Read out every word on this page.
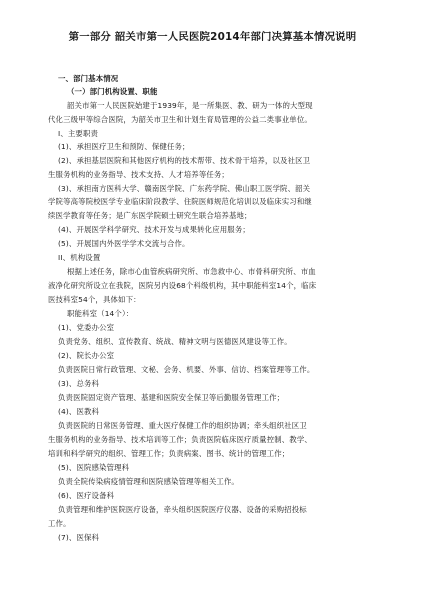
第一部分 韶关市第一人民医院2014年部门决算基本情况说明
一、部门基本情况
（一）部门机构设置、职能
韶关市第一人民医院始建于1939年，是一所集医、教、研为一体的大型现
代化三级甲等综合医院，为韶关市卫生和计划生育局管理的公益二类事业单位。
I、主要职责
(1)、承担医疗卫生和预防、保健任务；
(2)、承担基层医院和其他医疗机构的技术帮带、技术骨干培养，以及社区卫
生服务机构的业务指导、技术支持、人才培养等任务；
(3)、承担南方医科大学、赣南医学院、广东药学院、佛山职工医学院、韶关
学院等高等院校医学专业临床阶段教学、住院医师规范化培训以及临床实习和继
续医学教育等任务；是广东医学院硕士研究生联合培养基地；
(4)、开展医学科学研究、技术开发与成果转化应用服务；
(5)、开展国内外医学学术交流与合作。
II、机构设置
根据上述任务，除市心血管疾病研究所、市急救中心、市骨科研究所、市血
液净化研究所设立在我院，医院另内设68个科级机构，其中职能科室14个，临床
医技科室54个，具体如下：
职能科室（14个）：
(1)、党委办公室
负责党务、组织、宣传教育、统战、精神文明与医德医风建设等工作。
(2)、院长办公室
负责医院日常行政管理、文秘、会务、机要、外事、信访、档案管理等工作。
(3)、总务科
负责医院固定资产管理、基建和医院安全保卫等后勤服务管理工作；
(4)、医教科
负责医院的日常医务管理、重大医疗保健工作的组织协调；牵头组织社区卫
生服务机构的业务指导、技术培训等工作；负责医院临床医疗质量控制、教学、
培训和科学研究的组织、管理工作；负责病案、图书、统计的管理工作；
(5)、医院感染管理科
负责全院传染病疫情管理和医院感染管理等相关工作。
(6)、医疗设备科
负责管理和维护医院医疗设备，牵头组织医院医疗仪器、设备的采购招投标
工作。
(7)、医保科
